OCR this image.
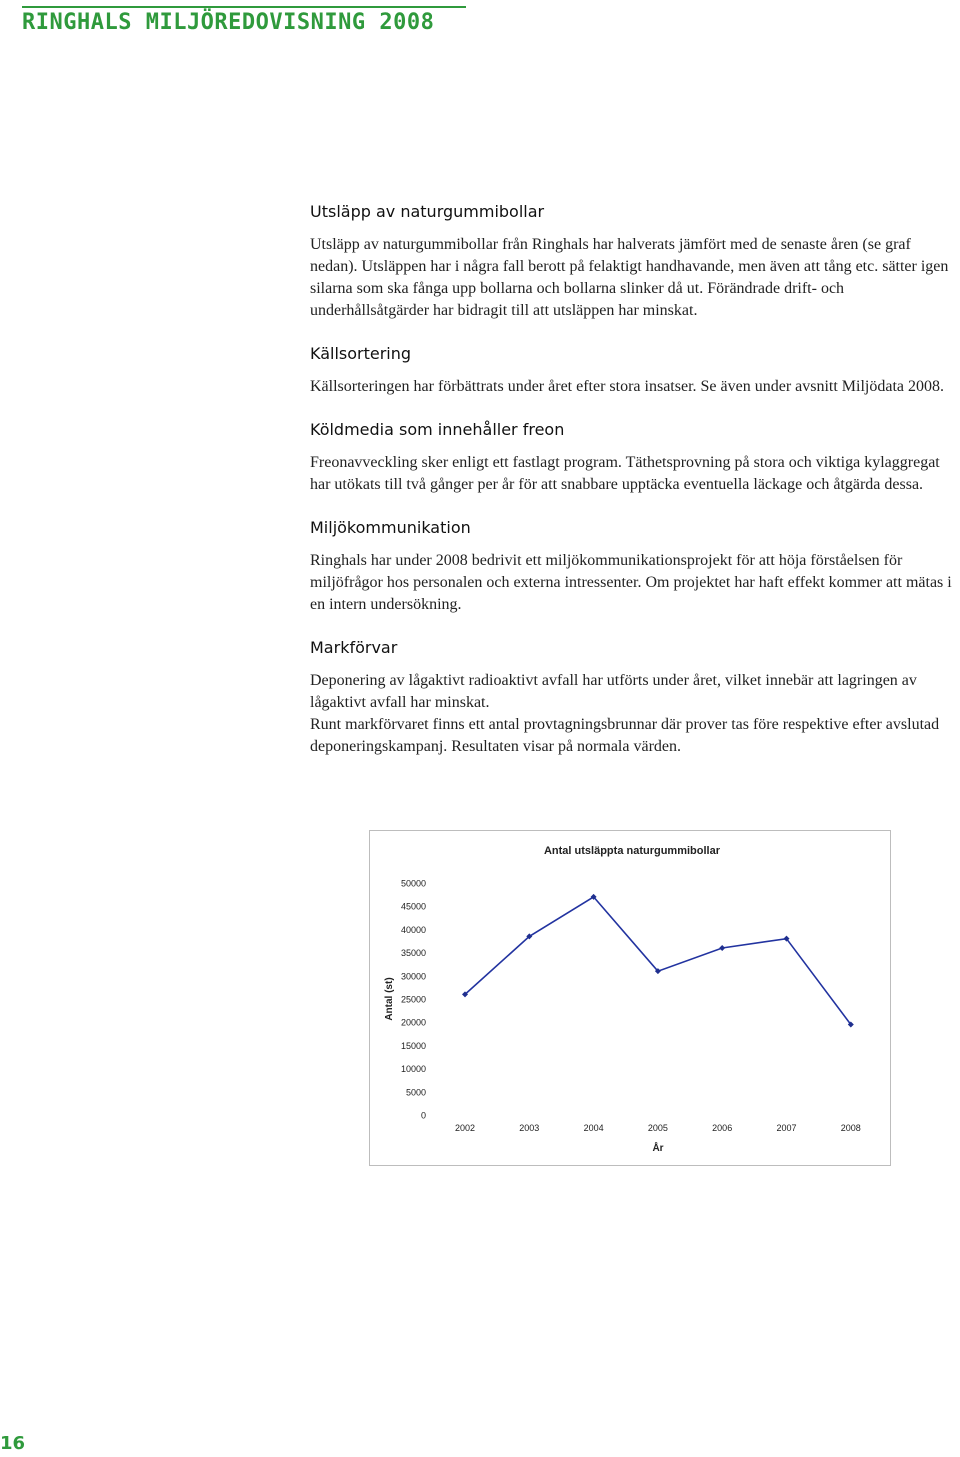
RINGHALS MILJÖREDOVISNING 2008
Utsläpp av naturgummibollar

Utsläpp av naturgummibollar från Ringhals har halverats jämfört med de senaste åren (se graf nedan). Utsläppen har i några fall berott på felaktigt handhavande, men även att tång etc. sätter igen silarna som ska fånga upp bollarna och bollarna slinker då ut. Förändrade drift- och underhållsåtgärder har bidragit till att utsläppen har minskat.

Källsortering

Källsorteringen har förbättrats under året efter stora insatser. Se även under avsnitt Miljödata 2008.

Köldmedia som innehåller freon

Freonavveckling sker enligt ett fastlagt program. Täthetsprovning på stora och viktiga kylaggregat har utökats till två gånger per år för att snabbare upptäcka eventuella läckage och åtgärda dessa.

Miljökommunikation

Ringhals har under 2008 bedrivit ett miljökommunikationsprojekt för att höja förståelsen för miljöfrågor hos personalen och externa intressenter. Om projektet har haft effekt kommer att mätas i en intern undersökning.

Markförvar

Deponering av lågaktivt radioaktivt avfall har utförts under året, vilket innebär att lagringen av lågaktivt avfall har minskat.

Runt markförvaret finns ett antal provtagningsbrunnar där prover tas före respektive efter avslutad deponeringskampanj. Resultaten visar på normala värden.

Antal utsläppta naturgummibollar
År
Antal (st)
0
5000
10000
15000
20000
25000
30000
35000
40000
45000
50000
2002	2003	2004	2005	2006	2007	2008
16
